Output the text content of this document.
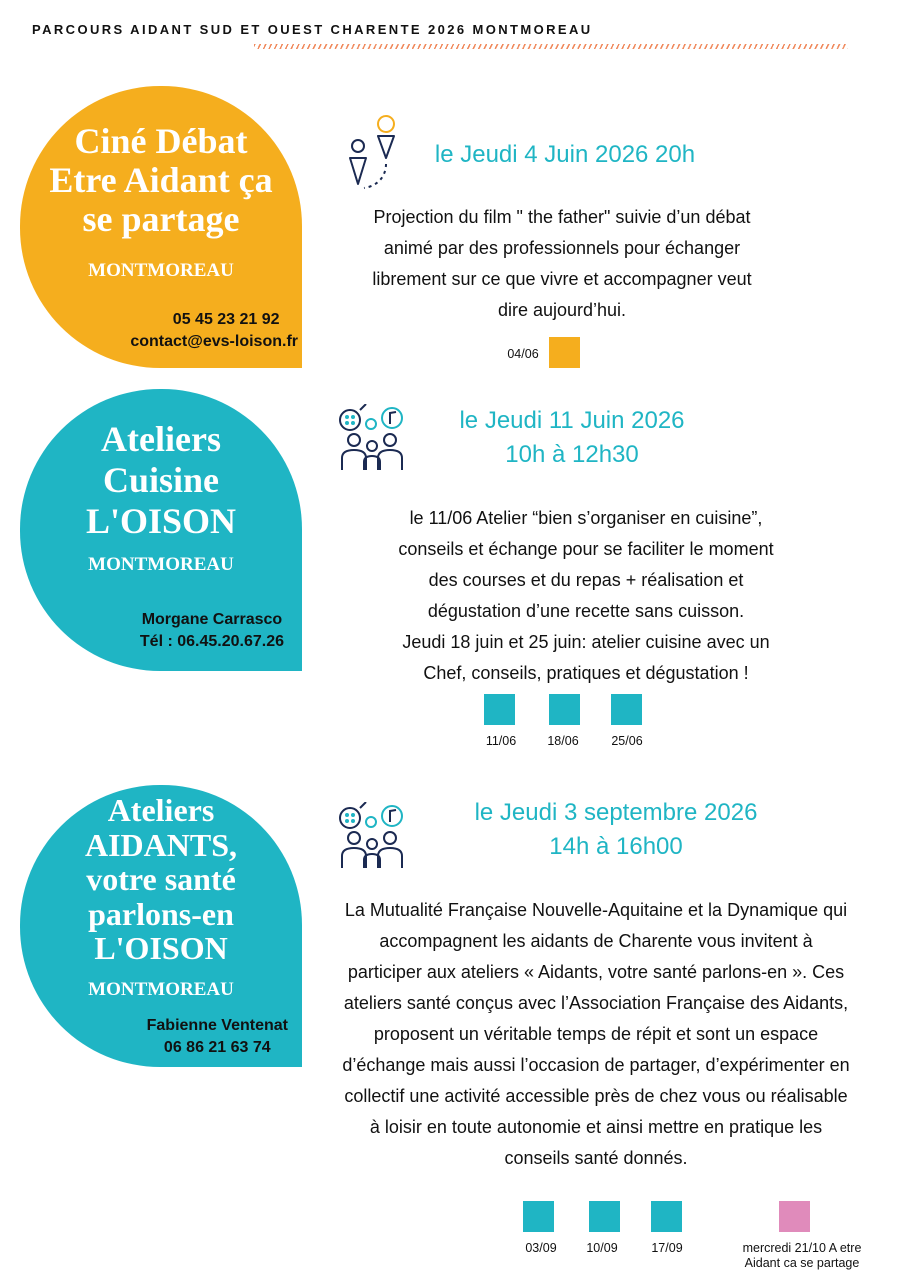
PARCOURS AIDANT SUD ET OUEST CHARENTE 2026 MONTMOREAU
Ciné Débat
Etre Aidant ça
se partage
MONTMOREAU
05 45 23 21 92
contact@evs-loison.fr
le Jeudi 4 Juin 2026 20h
Projection du film " the father" suivie d’un débat
animé par des professionnels pour échanger
librement sur ce que vivre et accompagner veut
dire aujourd’hui.
04/06
Ateliers
Cuisine
L'OISON
MONTMOREAU
Morgane Carrasco
Tél : 06.45.20.67.26
le Jeudi 11 Juin 2026
10h à 12h30
le 11/06 Atelier “bien s’organiser en cuisine”,
conseils et échange pour se faciliter le moment
des courses et du repas + réalisation et
dégustation d’une recette sans cuisson.
Jeudi 18 juin et 25 juin: atelier cuisine avec un
Chef, conseils, pratiques et dégustation !
11/06	18/06	25/06
Ateliers
AIDANTS,
votre santé
parlons-en
L'OISON
MONTMOREAU
Fabienne Ventenat
06 86 21 63 74
le Jeudi 3 septembre 2026
14h à 16h00
La Mutualité Française Nouvelle-Aquitaine et la Dynamique qui
accompagnent les aidants de Charente vous invitent à
participer aux ateliers « Aidants, votre santé parlons-en ». Ces
ateliers santé conçus avec l’Association Française des Aidants,
proposent un véritable temps de répit et sont un espace
d’échange mais aussi l’occasion de partager, d’expérimenter en
collectif une activité accessible près de chez vous ou réalisable
à loisir en toute autonomie et ainsi mettre en pratique les
conseils santé donnés.
03/09	10/09	17/09	mercredi 21/10 A etre Aidant ca se partage
